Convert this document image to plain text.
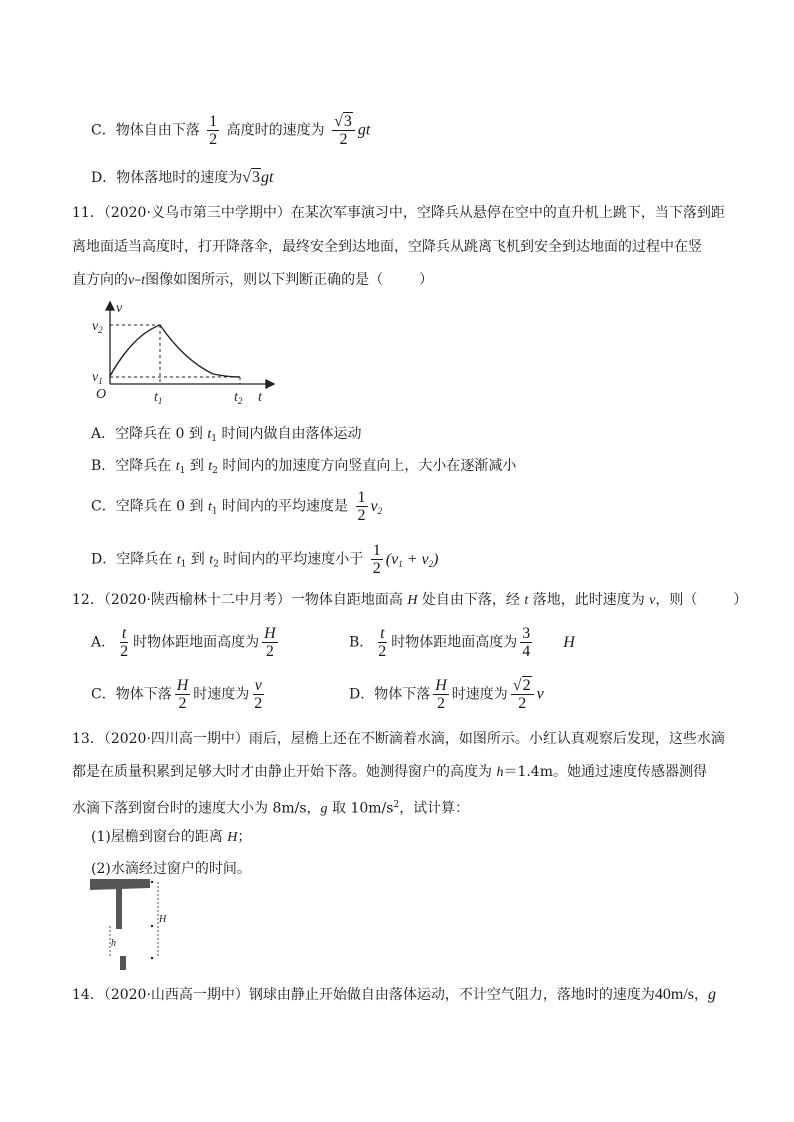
C．物体自由下落 $\frac{1}{2}$ 高度时的速度为 $\frac{√3}{2}$ gt
D．物体落地时的速度为√3gt
11．（2020·义乌市第三中学期中）在某次军事演习中，空降兵从悬停在空中的直升机上跳下，当下落到距
离地面适当高度时，打开降落伞，最终安全到达地面，空降兵从跳离飞机到安全到达地面的过程中在竖
直方向的v–t图像如图所示，则以下判断正确的是（	）
v
$v_2$
$v_1$
O	$t_1$	$t_2$ t
A．空降兵在 0 到 $t_1$ 时间内做自由落体运动
B．空降兵在 $t_1$ 到 $t_2$ 时间内的加速度方向竖直向上，大小在逐渐减小
C．空降兵在 0 到 $t_1$ 时间内的平均速度是 $\frac{1}{2} v_2$
D．空降兵在 $t_1$ 到 $t_2$ 时间内的平均速度小于 $\frac{1}{2} (v_1 + v_2)$
12．（2020·陕西榆林十二中月考）一物体自距地面高 H 处自由下落，经 t 落地，此时速度为 v，则（	）
A． $\frac{t}{2}$ 时物体距地面高度为 $\frac{H}{2}$	B． $\frac{t}{2}$ 时物体距地面高度为 $\frac{3}{4}$ H
C．物体下落 $\frac{H}{2}$ 时速度为 $\frac{v}{2}$	D．物体下落 $\frac{H}{2}$ 时速度为 $\frac{√2}{2}$ v
13．（2020·四川高一期中）雨后，屋檐上还在不断滴着水滴，如图所示。小红认真观察后发现，这些水滴
都是在质量积累到足够大时才由静止开始下落。她测得窗户的高度为 h＝1.4m。她通过速度传感器测得
水滴下落到窗台时的速度大小为 8m/s，g 取 $10m/s^2$，试计算：
(1)屋檐到窗台的距离 H；
(2)水滴经过窗户的时间。
H
h
14．（2020·山西高一期中）钢球由静止开始做自由落体运动，不计空气阻力，落地时的速度为40m/s， g
